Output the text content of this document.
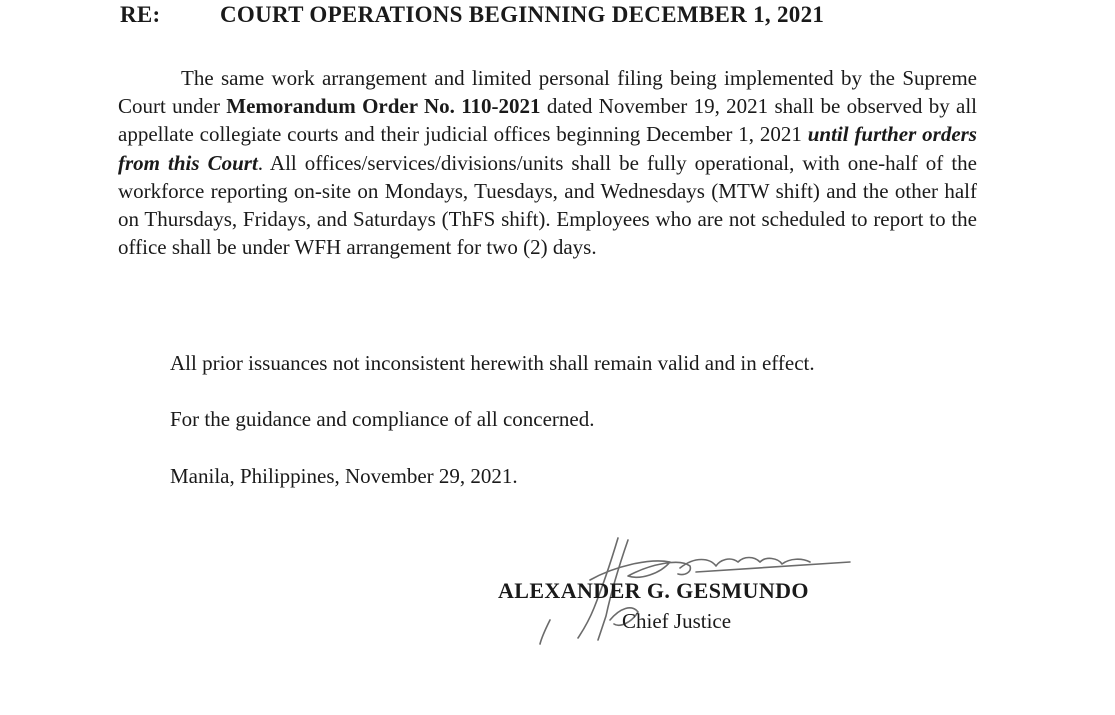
RE:	COURT OPERATIONS BEGINNING DECEMBER 1, 2021

The same work arrangement and limited personal filing being implemented by the Supreme Court under Memorandum Order No. 110-2021 dated November 19, 2021 shall be observed by all appellate collegiate courts and their judicial offices beginning December 1, 2021 until further orders from this Court. All offices/services/divisions/units shall be fully operational, with one-half of the workforce reporting on-site on Mondays, Tuesdays, and Wednesdays (MTW shift) and the other half on Thursdays, Fridays, and Saturdays (ThFS shift). Employees who are not scheduled to report to the office shall be under WFH arrangement for two (2) days.

All prior issuances not inconsistent herewith shall remain valid and in effect.

For the guidance and compliance of all concerned.

Manila, Philippines, November 29, 2021.

ALEXANDER G. GESMUNDO
Chief Justice
